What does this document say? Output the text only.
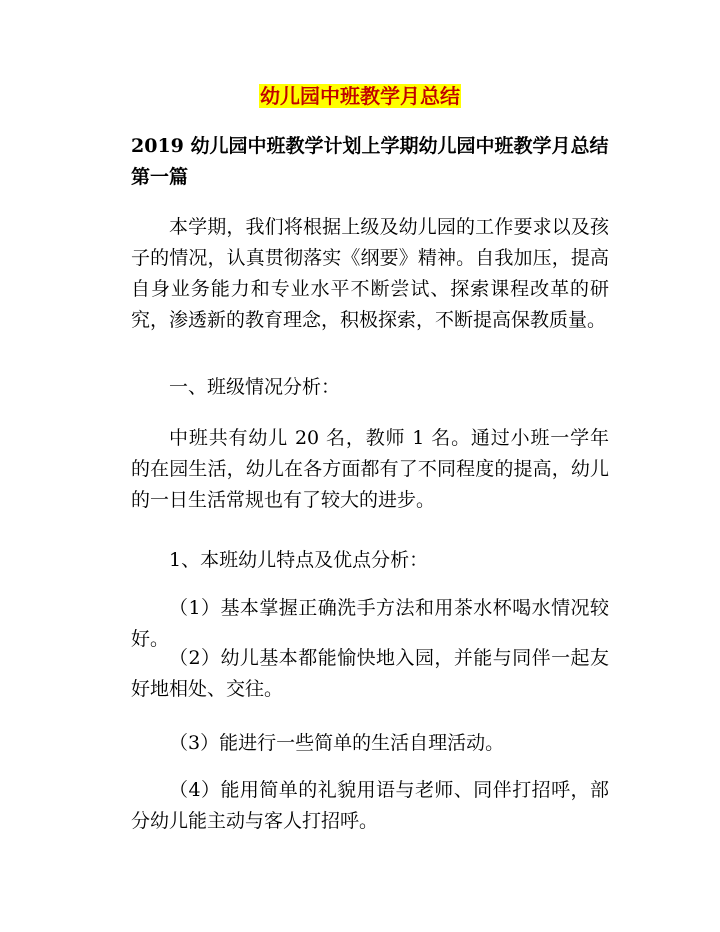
幼儿园中班教学月总结
2019 幼儿园中班教学计划上学期幼儿园中班教学月总结第一篇

本学期，我们将根据上级及幼儿园的工作要求以及孩子的情况，认真贯彻落实《纲要》精神。自我加压，提高自身业务能力和专业水平不断尝试、探索课程改革的研究，渗透新的教育理念，积极探索，不断提高保教质量。

一、班级情况分析：

中班共有幼儿 20 名，教师 1 名。通过小班一学年的在园生活，幼儿在各方面都有了不同程度的提高，幼儿的一日生活常规也有了较大的进步。

1、本班幼儿特点及优点分析：

（1）基本掌握正确洗手方法和用茶水杯喝水情况较好。

（2）幼儿基本都能愉快地入园，并能与同伴一起友好地相处、交往。

（3）能进行一些简单的生活自理活动。

（4）能用简单的礼貌用语与老师、同伴打招呼，部分幼儿能主动与客人打招呼。
